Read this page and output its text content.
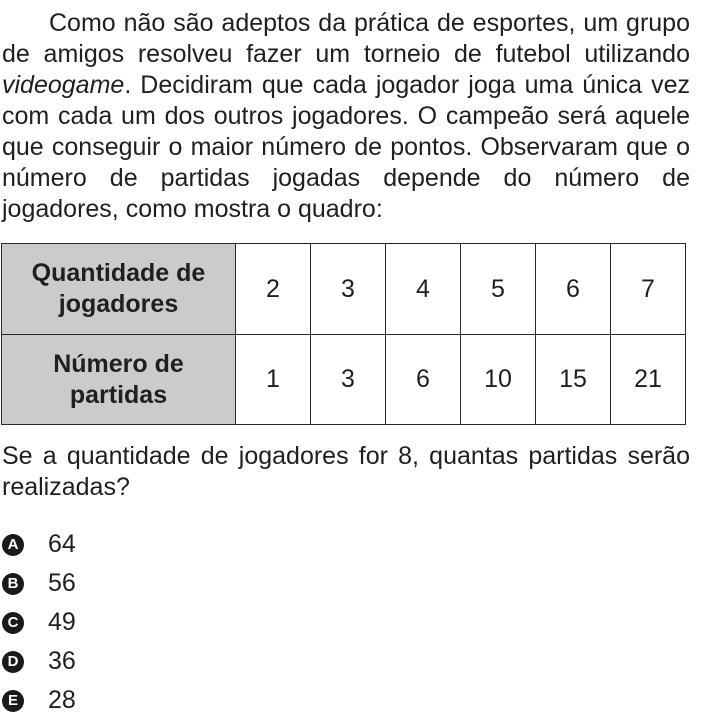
Como não são adeptos da prática de esportes, um grupo de amigos resolveu fazer um torneio de futebol utilizando videogame. Decidiram que cada jogador joga uma única vez com cada um dos outros jogadores. O campeão será aquele que conseguir o maior número de pontos. Observaram que o número de partidas jogadas depende do número de jogadores, como mostra o quadro:

Quantidade de
jogadores	2	3	4	5	6	7
Número de
partidas	1	3	6	10	15	21

Se a quantidade de jogadores for 8, quantas partidas serão realizadas?

A 64
B 56
C 49
D 36
E 28
